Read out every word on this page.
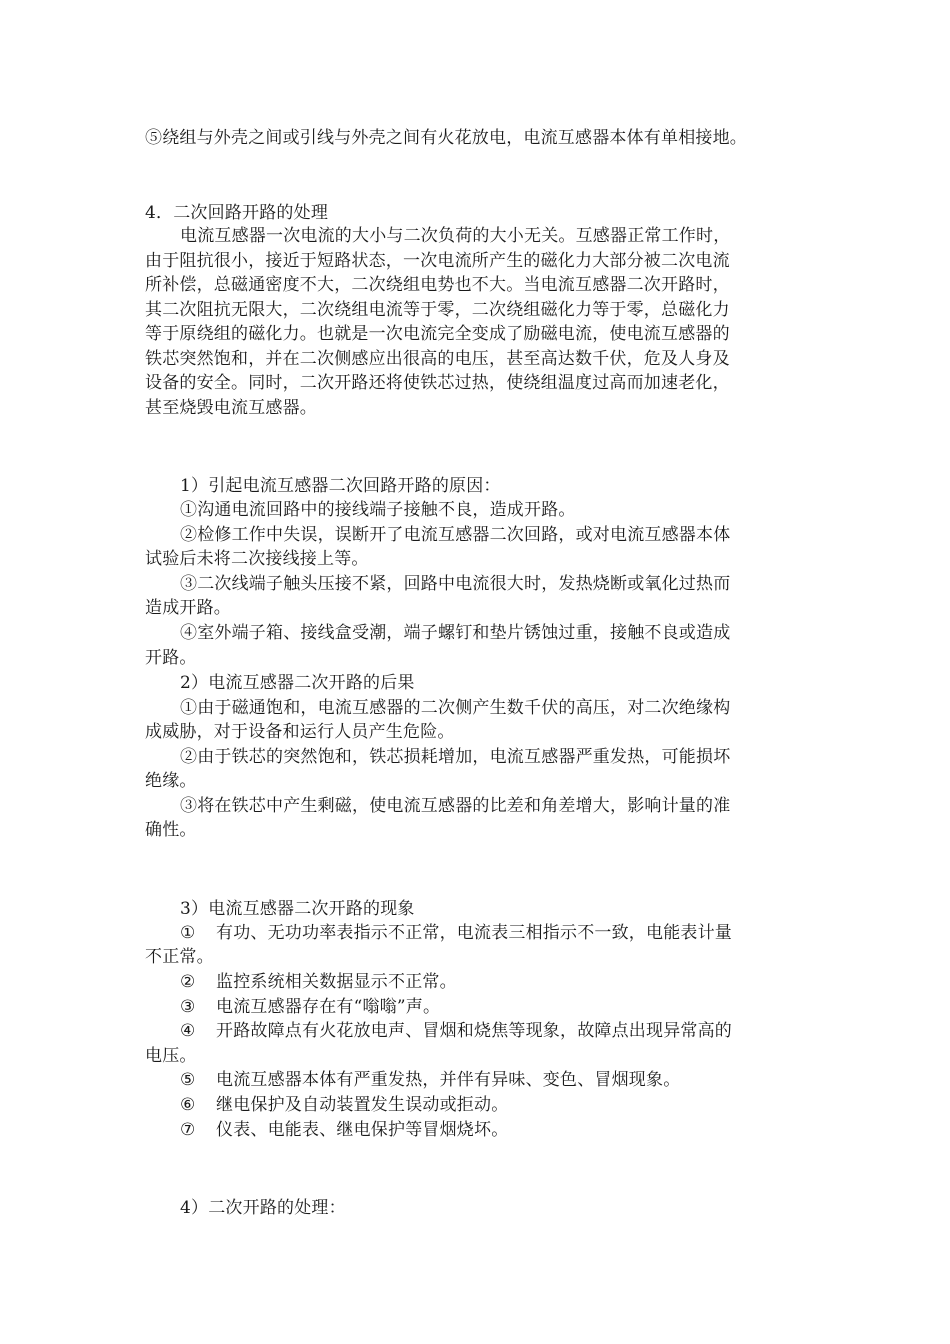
⑤绕组与外壳之间或引线与外壳之间有火花放电，电流互感器本体有单相接地。
4．二次回路开路的处理
电流互感器一次电流的大小与二次负荷的大小无关。互感器正常工作时，
由于阻抗很小，接近于短路状态，一次电流所产生的磁化力大部分被二次电流
所补偿，总磁通密度不大，二次绕组电势也不大。当电流互感器二次开路时，
其二次阻抗无限大，二次绕组电流等于零，二次绕组磁化力等于零，总磁化力
等于原绕组的磁化力。也就是一次电流完全变成了励磁电流，使电流互感器的
铁芯突然饱和，并在二次侧感应出很高的电压，甚至高达数千伏，危及人身及
设备的安全。同时，二次开路还将使铁芯过热，使绕组温度过高而加速老化，
甚至烧毁电流互感器。
1）引起电流互感器二次回路开路的原因：
①沟通电流回路中的接线端子接触不良，造成开路。
②检修工作中失误，误断开了电流互感器二次回路，或对电流互感器本体
试验后未将二次接线接上等。
③二次线端子触头压接不紧，回路中电流很大时，发热烧断或氧化过热而
造成开路。
④室外端子箱、接线盒受潮，端子螺钉和垫片锈蚀过重，接触不良或造成
开路。
2）电流互感器二次开路的后果
①由于磁通饱和，电流互感器的二次侧产生数千伏的高压，对二次绝缘构
成威胁，对于设备和运行人员产生危险。
②由于铁芯的突然饱和，铁芯损耗增加，电流互感器严重发热，可能损坏
绝缘。
③将在铁芯中产生剩磁，使电流互感器的比差和角差增大，影响计量的准
确性。
3）电流互感器二次开路的现象
① 有功、无功功率表指示不正常，电流表三相指示不一致，电能表计量
不正常。
② 监控系统相关数据显示不正常。
③ 电流互感器存在有“嗡嗡”声。
④ 开路故障点有火花放电声、冒烟和烧焦等现象，故障点出现异常高的
电压。
⑤ 电流互感器本体有严重发热，并伴有异味、变色、冒烟现象。
⑥ 继电保护及自动装置发生误动或拒动。
⑦ 仪表、电能表、继电保护等冒烟烧坏。
4）二次开路的处理：
